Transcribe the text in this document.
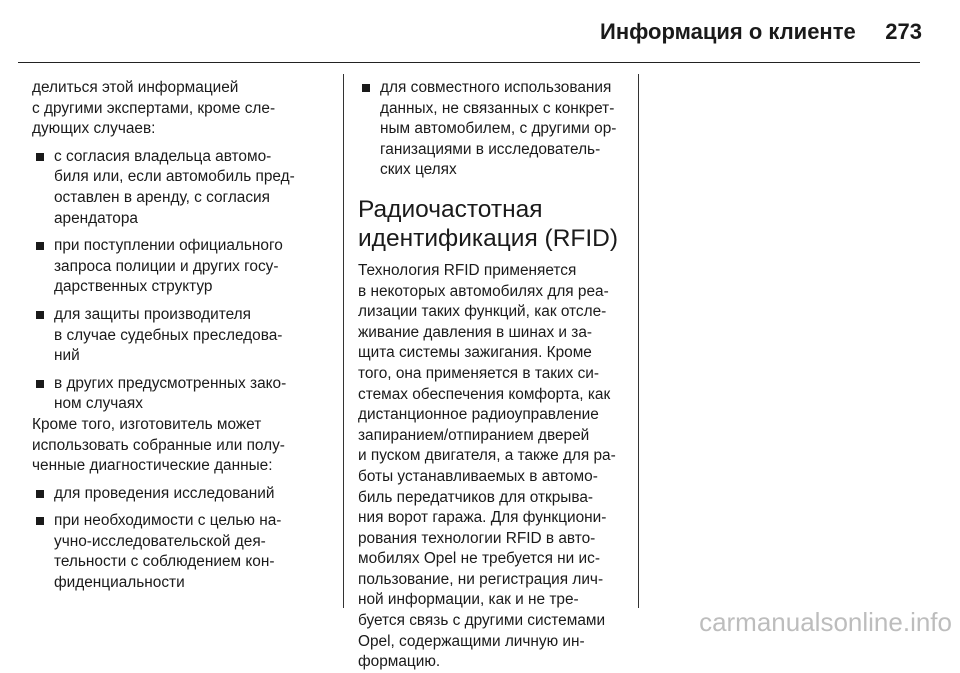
Информация о клиенте	273

делиться этой информацией
с другими экспертами, кроме сле-
дующих случаев:

с согласия владельца автомо-
биля или, если автомобиль пред-
оставлен в аренду, с согласия
арендатора
при поступлении официального
запроса полиции и других госу-
дарственных структур
для защиты производителя
в случае судебных преследова-
ний
в других предусмотренных зако-
ном случаях

Кроме того, изготовитель может
использовать собранные или полу-
ченные диагностические данные:

для проведения исследований
при необходимости с целью на-
учно-исследовательской дея-
тельности с соблюдением кон-
фиденциальности
для совместного использования
данных, не связанных с конкрет-
ным автомобилем, с другими ор-
ганизациями в исследователь-
ских целях
Радиочастотная
идентификация (RFID)

Технология RFID применяется
в некоторых автомобилях для реа-
лизации таких функций, как отсле-
живание давления в шинах и за-
щита системы зажигания. Кроме
того, она применяется в таких си-
стемах обеспечения комфорта, как
дистанционное радиоуправление
запиранием/отпиранием дверей
и пуском двигателя, а также для ра-
боты устанавливаемых в автомо-
биль передатчиков для открыва-
ния ворот гаража. Для функциони-
рования технологии RFID в авто-
мобилях Opel не требуется ни ис-
пользование, ни регистрация лич-
ной информации, как и не тре-
буется связь с другими системами
Opel, содержащими личную ин-
формацию.

carmanualsonline.info
